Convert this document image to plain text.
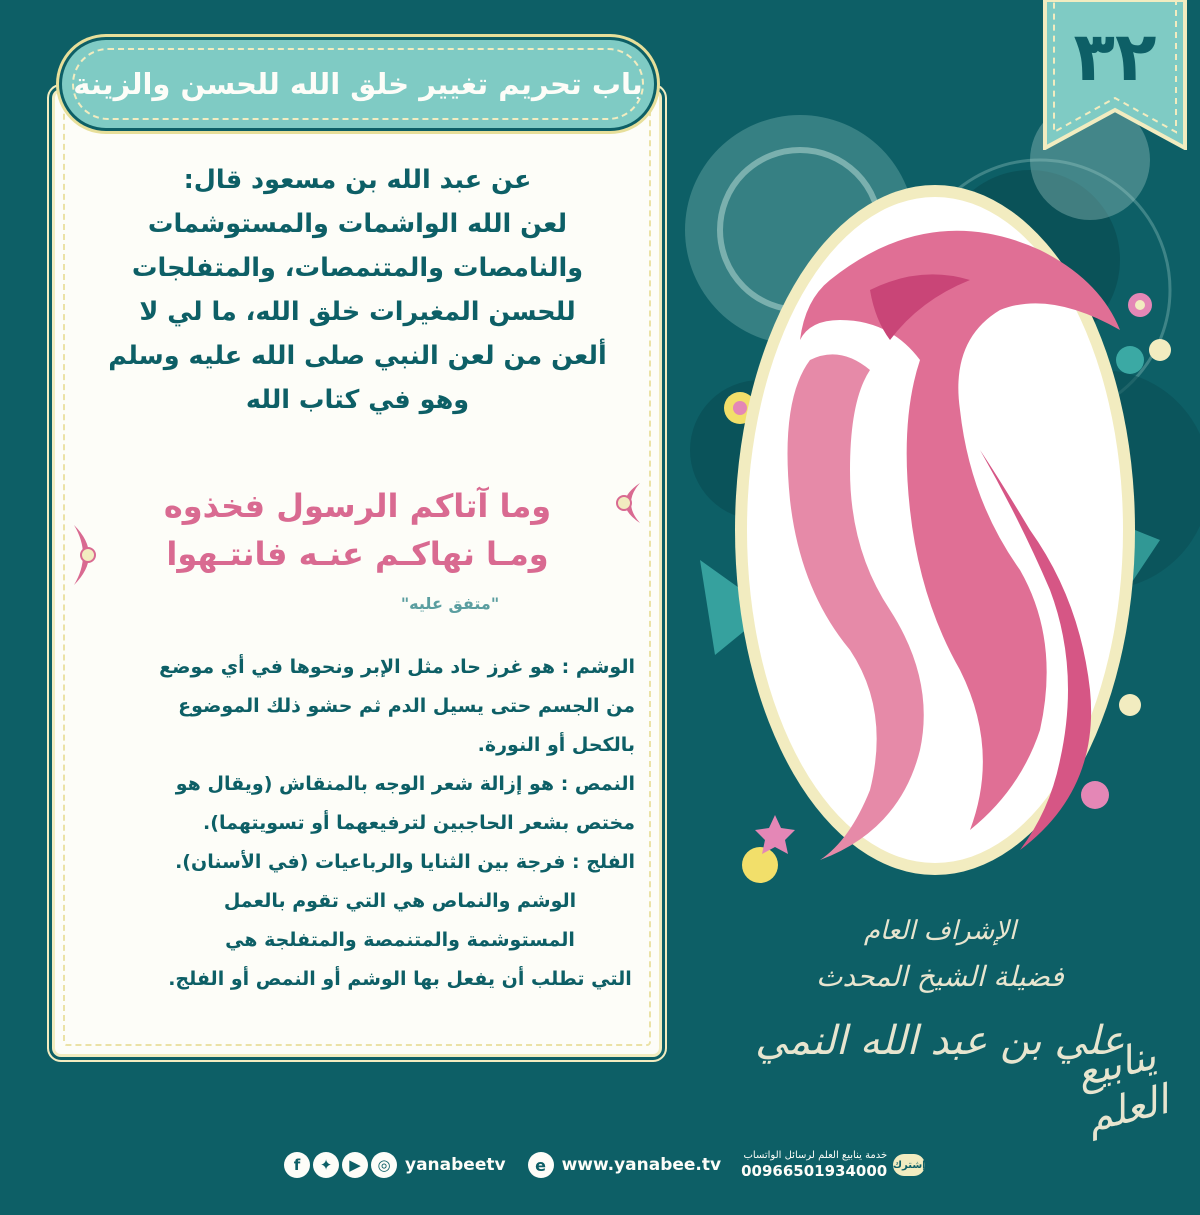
٣٢
باب تحريم تغيير خلق الله للحسن والزينة
عن عبد الله بن مسعود قال:
لعن الله الواشمات والمستوشمات
والنامصات والمتنمصات، والمتفلجات
للحسن المغيرات خلق الله، ما لي لا
ألعن من لعن النبي صلى الله عليه وسلم
وهو في كتاب الله
وما آتاكم الرسول فخذوه
ومـا نهاكـم عنـه فانتـهوا
"متفق عليه"
الوشم : هو غرز حاد مثل الإبر ونحوها في أي موضع
من الجسم حتى يسيل الدم ثم حشو ذلك الموضوع
بالكحل أو النورة.
النمص : هو إزالة شعر الوجه بالمنقاش (ويقال هو
مختص بشعر الحاجبين لترفيعهما أو تسويتهما).
الفلج : فرجة بين الثنايا والرباعيات (في الأسنان).
الوشم والنماص هي التي تقوم بالعمل
المستوشمة والمتنمصة والمتفلجة هي
التي تطلب أن يفعل بها الوشم أو النمص أو الفلج.
الإشراف العام
فضيلة الشيخ المحدث
علي بن عبد الله النمي
ينابيع العلم
f	✦	▶	◎ yanabeetv	e www.yanabee.tv خدمة ينابيع العلم لرسائل الواتساب
00966501934000 إشترك
